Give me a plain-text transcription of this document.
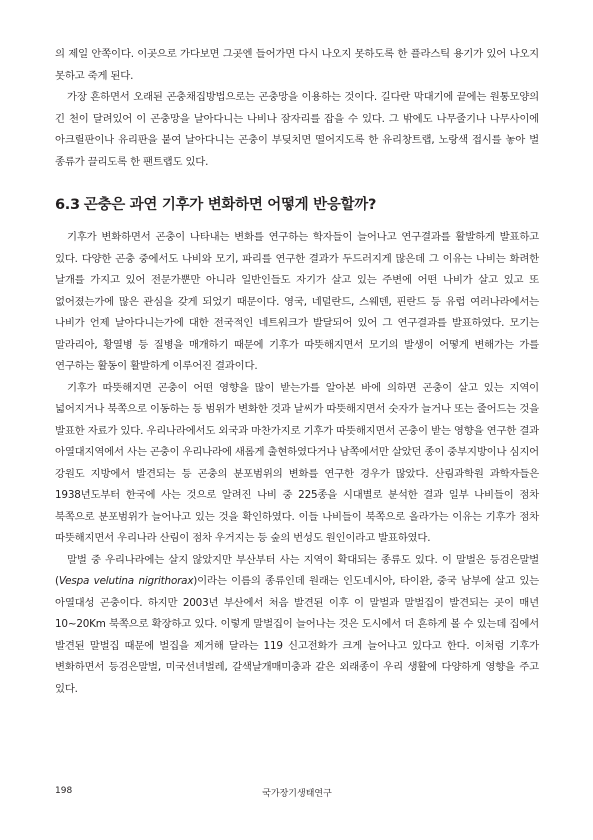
의 제일 안쪽이다. 이곳으로 가다보면 그곳엔 들어가면 다시 나오지 못하도록 한 플라스틱 용기가 있어 나오지 못하고 죽게 된다.

가장 흔하면서 오래된 곤충채집방법으로는 곤충망을 이용하는 것이다. 길다란 막대기에 끝에는 원통모양의 긴 천이 달려있어 이 곤충망을 날아다니는 나비나 잠자리를 잡을 수 있다. 그 밖에도 나무줄기나 나무사이에 아크릴판이나 유리판을 붙여 날아다니는 곤충이 부딪치면 떨어지도록 한 유리창트랩, 노랑색 접시를 놓아 벌 종류가 끌리도록 한 팬트랩도 있다.

6.3 곤충은 과연 기후가 변화하면 어떻게 반응할까?

기후가 변화하면서 곤충이 나타내는 변화를 연구하는 학자들이 늘어나고 연구결과를 활발하게 발표하고 있다. 다양한 곤충 중에서도 나비와 모기, 파리를 연구한 결과가 두드러지게 많은데 그 이유는 나비는 화려한 날개를 가지고 있어 전문가뿐만 아니라 일반인들도 자기가 살고 있는 주변에 어떤 나비가 살고 있고 또 없어졌는가에 많은 관심을 갖게 되었기 때문이다. 영국, 네덜란드, 스웨덴, 핀란드 등 유럽 여러나라에서는 나비가 언제 날아다니는가에 대한 전국적인 네트워크가 발달되어 있어 그 연구결과를 발표하였다. 모기는 말라리아, 황열병 등 질병을 매개하기 때문에 기후가 따뜻해지면서 모기의 발생이 어떻게 변해가는 가를 연구하는 활동이 활발하게 이루어진 결과이다.

기후가 따뜻해지면 곤충이 어떤 영향을 많이 받는가를 알아본 바에 의하면 곤충이 살고 있는 지역이 넓어지거나 북쪽으로 이동하는 등 범위가 변화한 것과 날씨가 따뜻해지면서 숫자가 늘거나 또는 줄어드는 것을 발표한 자료가 있다. 우리나라에서도 외국과 마찬가지로 기후가 따뜻해지면서 곤충이 받는 영향을 연구한 결과 아열대지역에서 사는 곤충이 우리나라에 새롭게 출현하였다거나 남쪽에서만 살았던 종이 중부지방이나 심지어 강원도 지방에서 발견되는 등 곤충의 분포범위의 변화를 연구한 경우가 많았다. 산림과학원 과학자들은 1938년도부터 한국에 사는 것으로 알려진 나비 중 225종을 시대별로 분석한 결과 일부 나비들이 점차 북쪽으로 분포범위가 늘어나고 있는 것을 확인하였다. 이들 나비들이 북쪽으로 올라가는 이유는 기후가 점차 따뜻해지면서 우리나라 산림이 점차 우거지는 등 숲의 번성도 원인이라고 발표하였다.

말벌 중 우리나라에는 살지 않았지만 부산부터 사는 지역이 확대되는 종류도 있다. 이 말벌은 등검은말벌(Vespa velutina nigrithorax)이라는 이름의 종류인데 원래는 인도네시아, 타이완, 중국 남부에 살고 있는 아열대성 곤충이다. 하지만 2003년 부산에서 처음 발견된 이후 이 말벌과 말벌집이 발견되는 곳이 매년 10~20Km 북쪽으로 확장하고 있다. 이렇게 말벌집이 늘어나는 것은 도시에서 더 흔하게 볼 수 있는데 집에서 발견된 말벌집 때문에 벌집을 제거해 달라는 119 신고전화가 크게 늘어나고 있다고 한다. 이처럼 기후가 변화하면서 등검은말벌, 미국선녀벌레, 갈색날개매미충과 같은 외래종이 우리 생활에 다양하게 영향을 주고 있다.

198	국가장기생태연구
